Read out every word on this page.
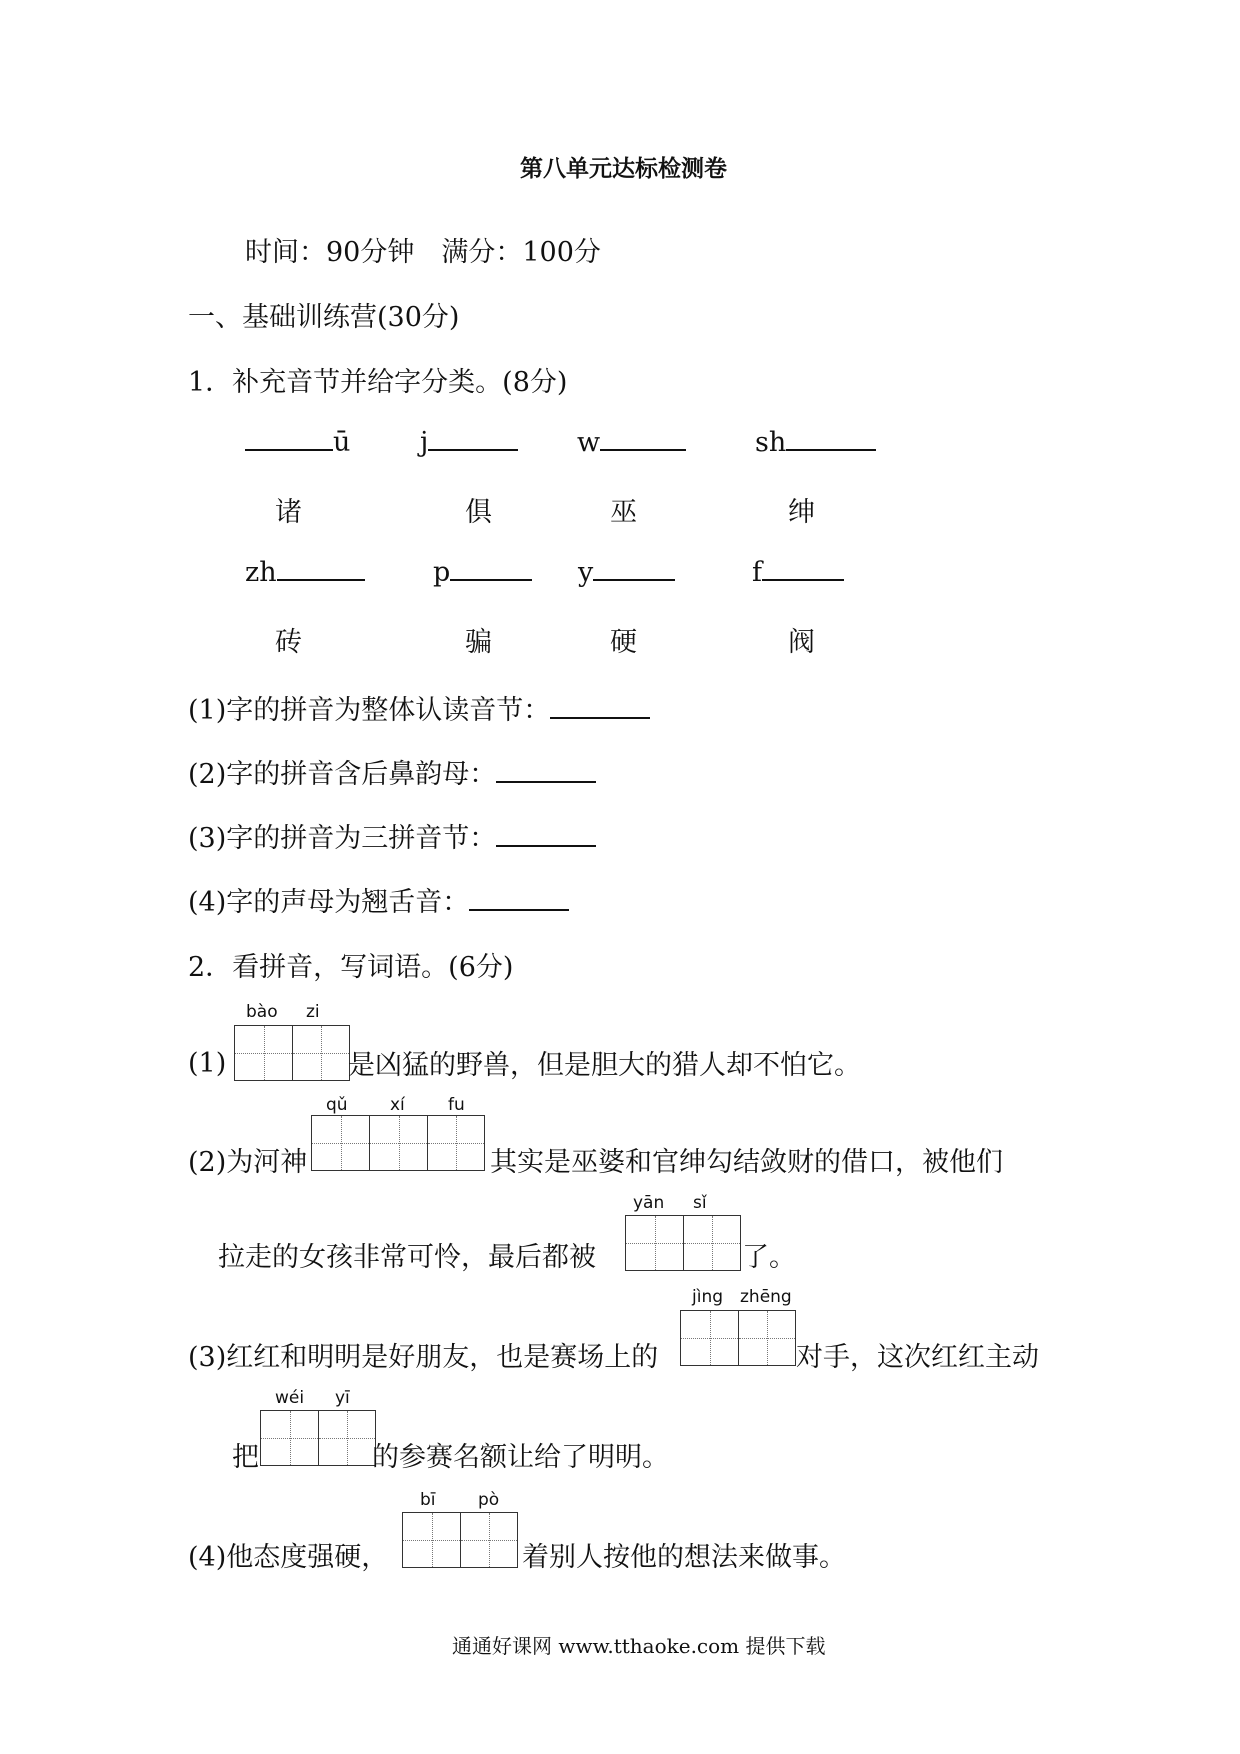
第八单元达标检测卷
时间：90分钟　满分：100分
一、基础训练营(30分)
1．补充音节并给字分类。(8分)
ū	j	w	sh
诸	俱	巫	绅
zh	p	y	f
砖	骗	硬	阀
(1)字的拼音为整体认读音节：
(2)字的拼音含后鼻韵母：
(3)字的拼音为三拼音节：
(4)字的声母为翘舌音：
2．看拼音，写词语。(6分)
bào zi
(1)	是凶猛的野兽，但是胆大的猎人却不怕它。
qǔ xí	fu
(2)为河神	其实是巫婆和官绅勾结敛财的借口，被他们
yān sǐ
拉走的女孩非常可怜，最后都被	了。
jìng zhēng
(3)红红和明明是好朋友，也是赛场上的	对手，这次红红主动
wéi yī
把	的参赛名额让给了明明。
bī pò
(4)他态度强硬，	着别人按他的想法来做事。
通通好课网 www.tthaoke.com 提供下载
